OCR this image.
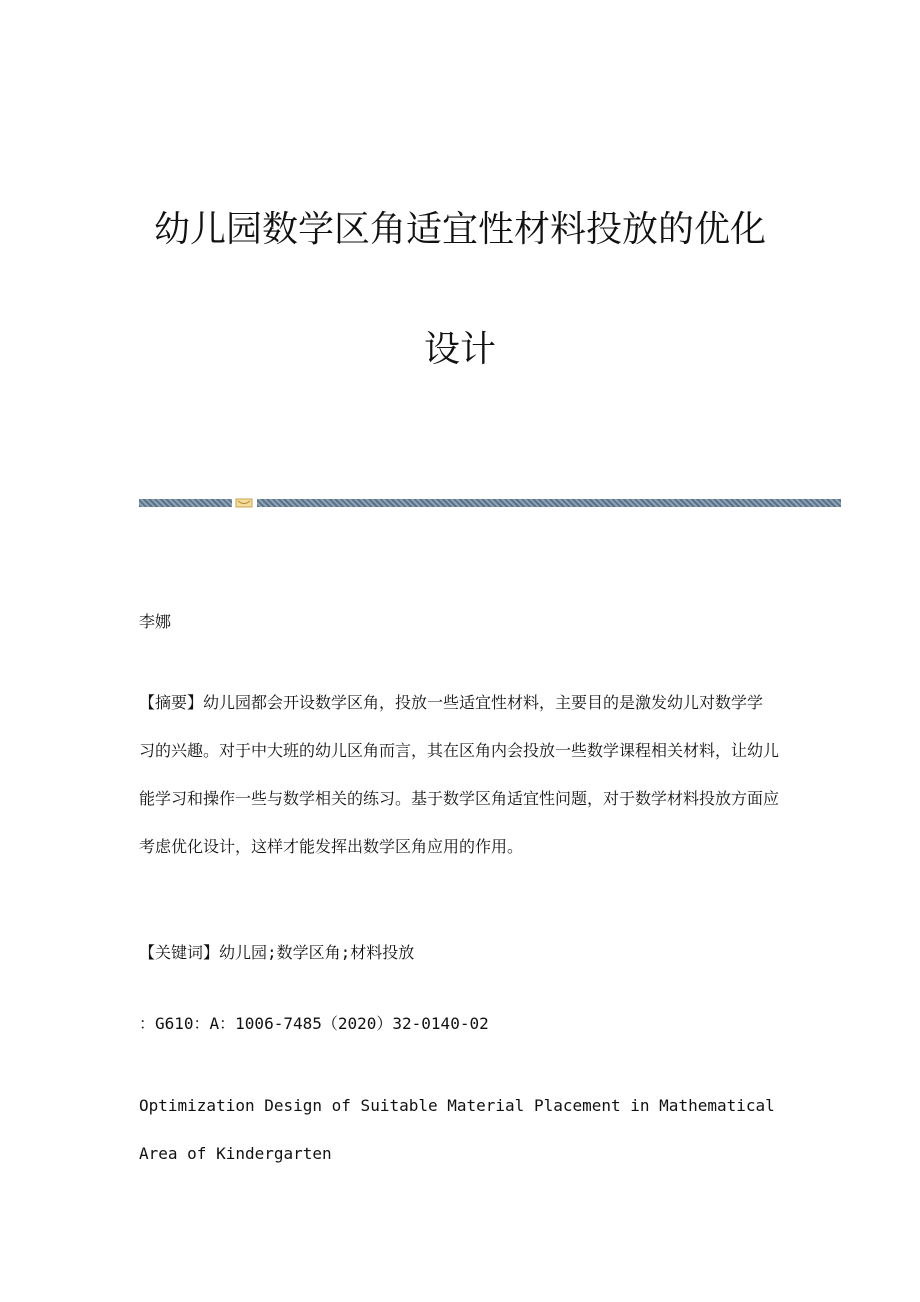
幼儿园数学区角适宜性材料投放的优化
设计
李娜
【摘要】幼儿园都会开设数学区角，投放一些适宜性材料，主要目的是激发幼儿对数学学习的兴趣。对于中大班的幼儿区角而言，其在区角内会投放一些数学课程相关材料，让幼儿能学习和操作一些与数学相关的练习。基于数学区角适宜性问题，对于数学材料投放方面应考虑优化设计，这样才能发挥出数学区角应用的作用。
【关键词】幼儿园;数学区角;材料投放
：G610：A：1006-7485（2020）32-0140-02
Optimization Design of Suitable Material Placement in Mathematical
Area of Kindergarten
